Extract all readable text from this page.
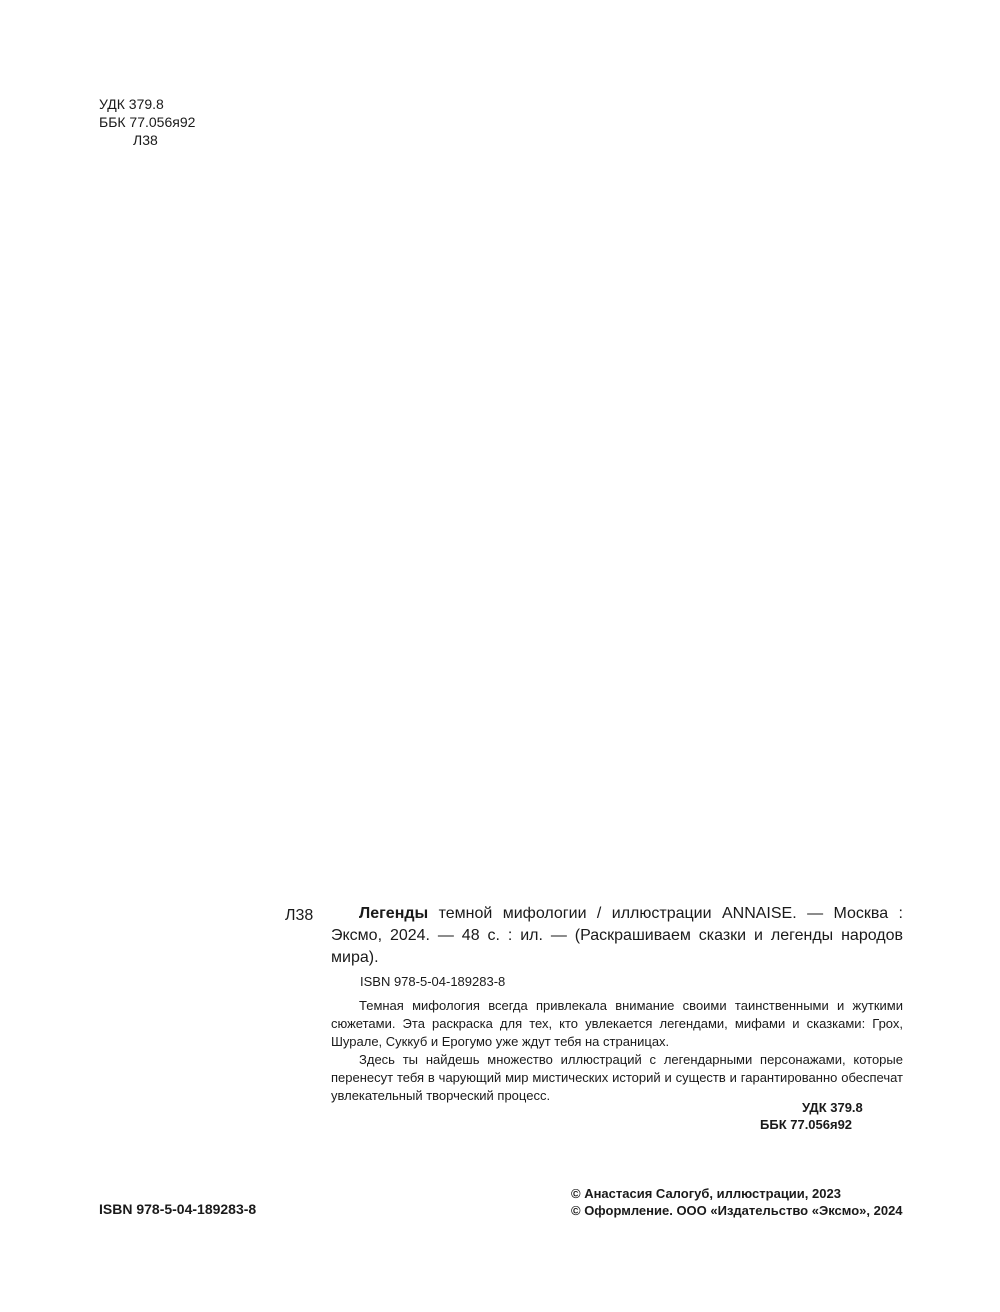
УДК 379.8
ББК 77.056я92
Л38
Л38	Легенды темной мифологии / иллюстрации ANNAISE. — Москва : Эксмо, 2024. — 48 с. : ил. — (Раскрашиваем сказки и легенды народов мира).
ISBN 978-5-04-189283-8

Темная мифология всегда привлекала внимание своими таинственными и жуткими сюжетами. Эта раскраска для тех, кто увлекается легендами, мифами и сказками: Грох, Шурале, Суккуб и Ерогумо уже ждут тебя на страницах.

Здесь ты найдешь множество иллюстраций с легендарными персонажами, которые перенесут тебя в чарующий мир мистических историй и существ и гарантированно обеспечат увлекательный творческий процесс.

УДК 379.8
ББК 77.056я92
ISBN 978-5-04-189283-8
© Анастасия Салогуб, иллюстрации, 2023
© Оформление. ООО «Издательство «Эксмо», 2024
